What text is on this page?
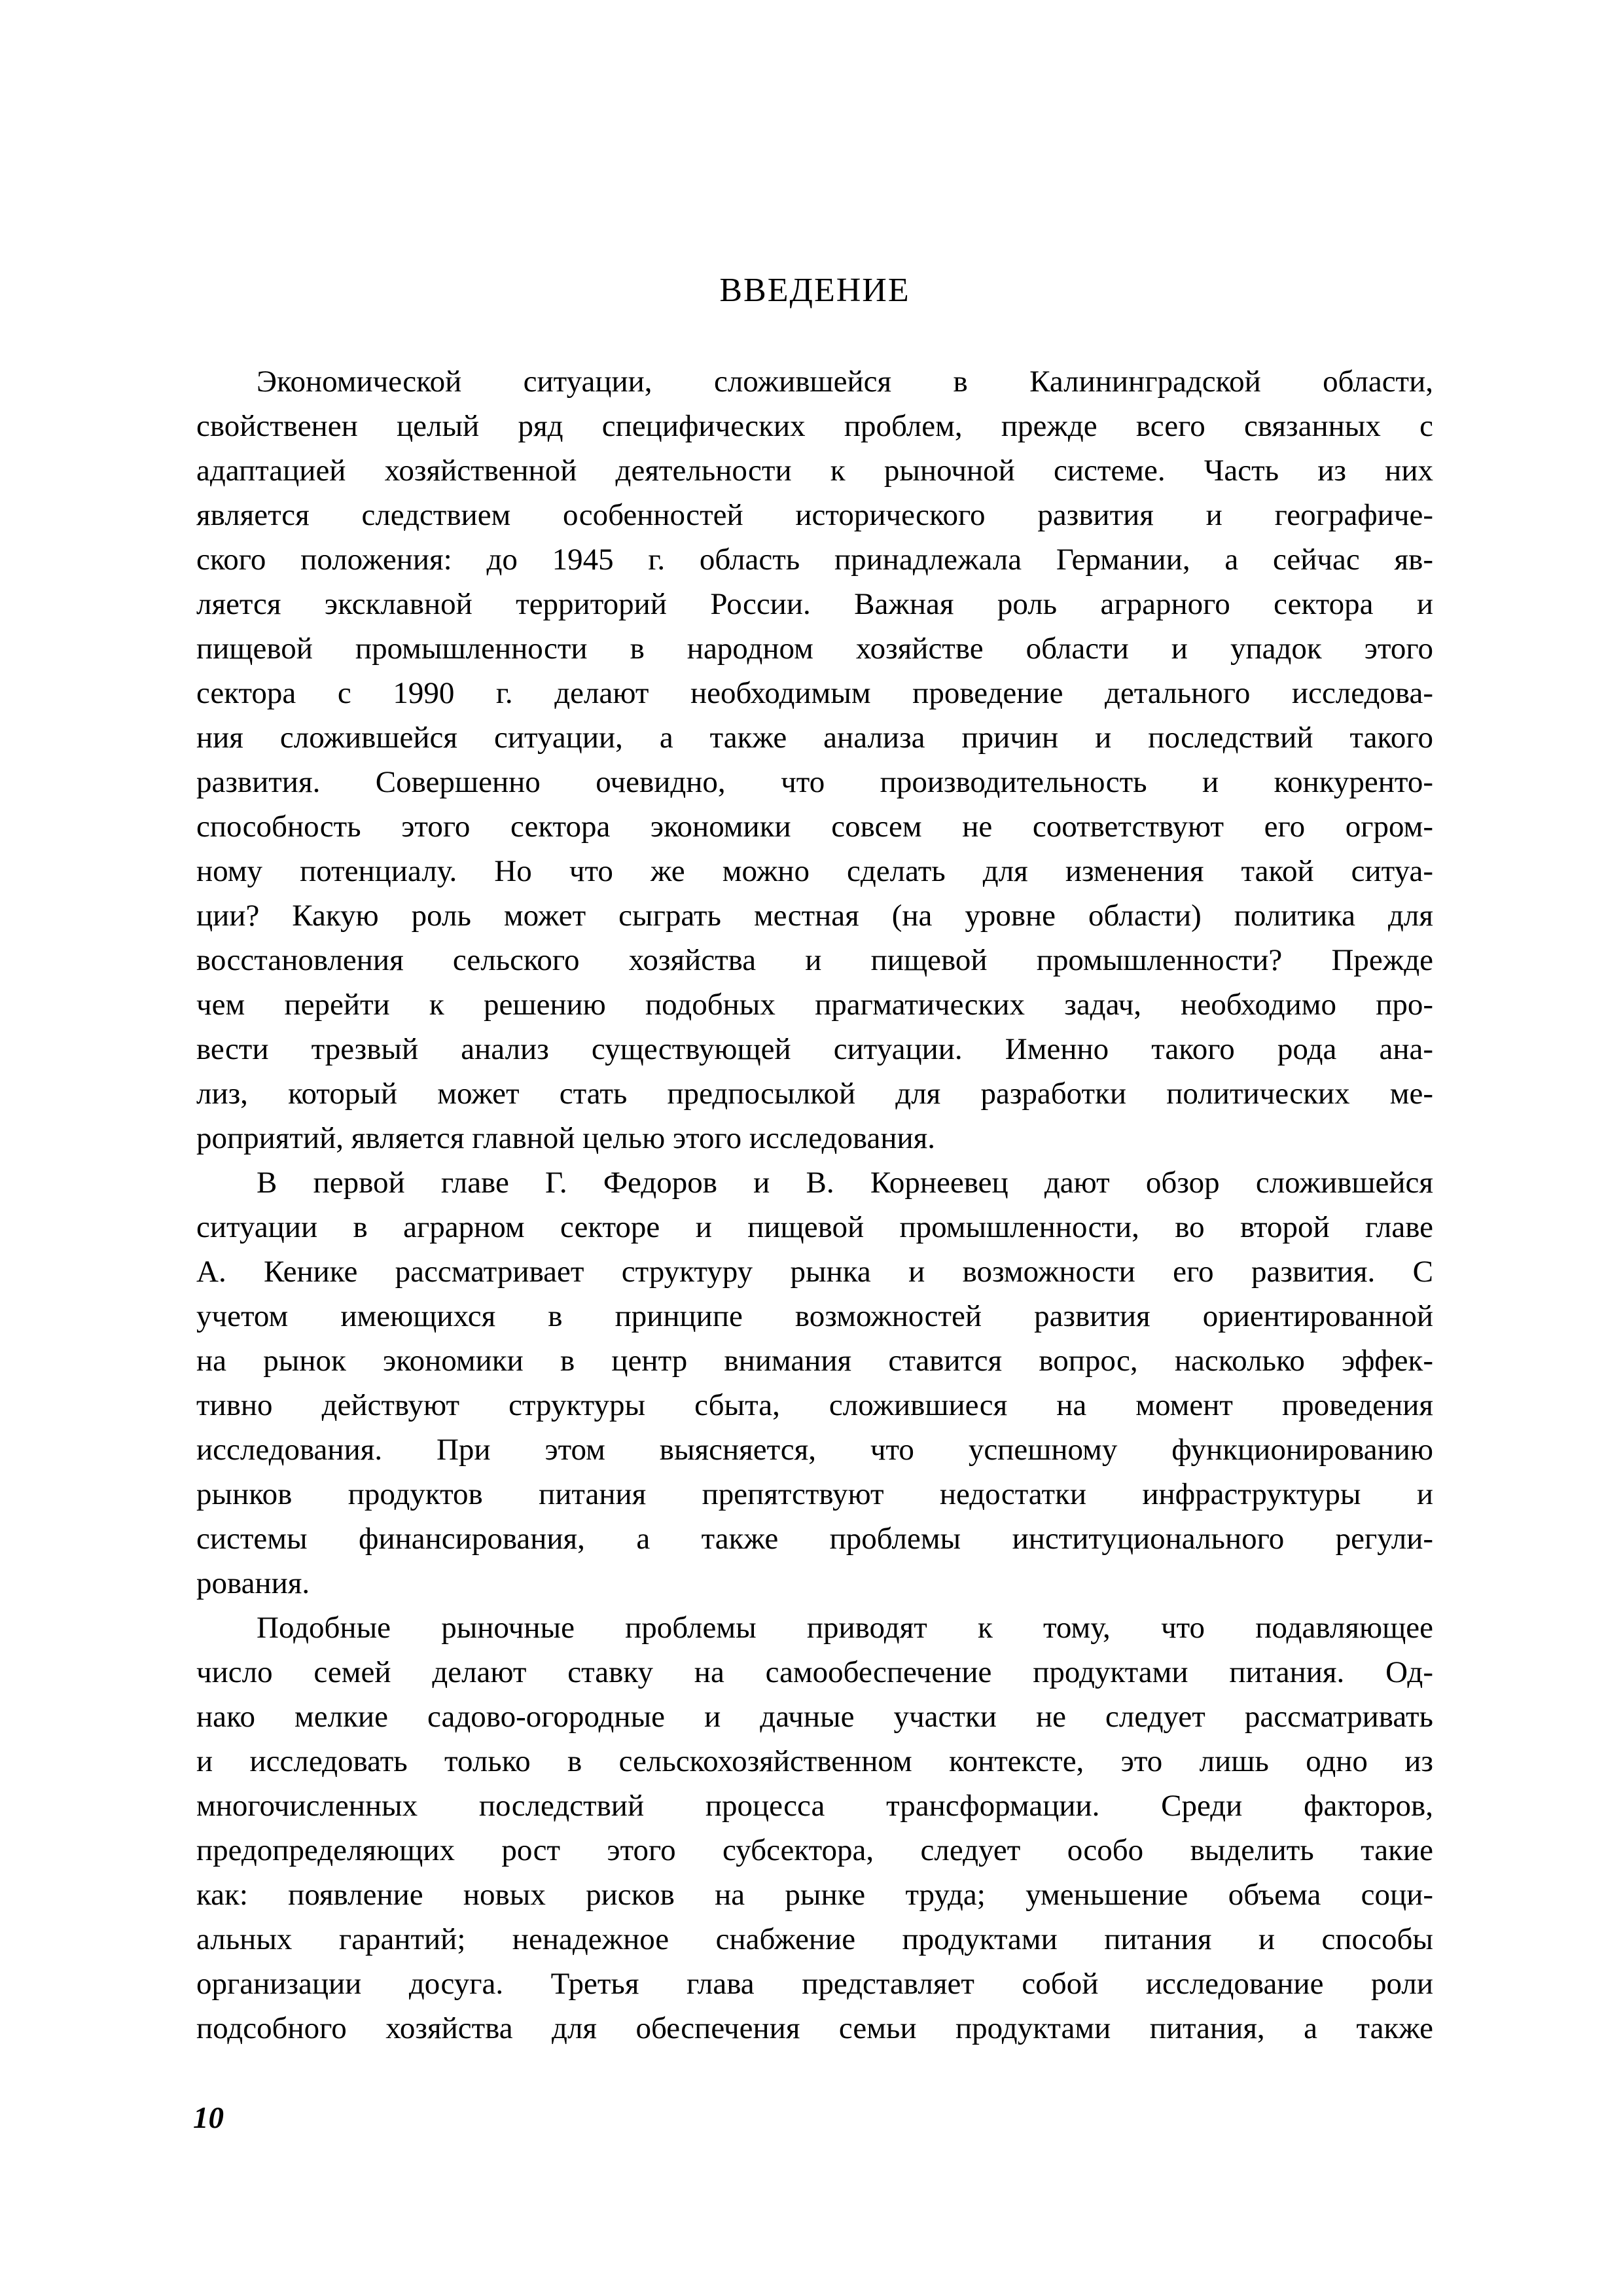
ВВЕДЕНИЕ
Экономической ситуации, сложившейся в Калининградской области,
свойственен целый ряд специфических проблем, прежде всего связанных с
адаптацией хозяйственной деятельности к рыночной системе. Часть из них
является следствием особенностей исторического развития и географиче-
ского положения: до 1945 г. область принадлежала Германии, а сейчас яв-
ляется эксклавной территорий России. Важная роль аграрного сектора и
пищевой промышленности в народном хозяйстве области и упадок этого
сектора с 1990 г. делают необходимым проведение детального исследова-
ния сложившейся ситуации, а также анализа причин и последствий такого
развития. Совершенно очевидно, что производительность и конкуренто-
способность этого сектора экономики совсем не соответствуют его огром-
ному потенциалу. Но что же можно сделать для изменения такой ситуа-
ции? Какую роль может сыграть местная (на уровне области) политика для
восстановления сельского хозяйства и пищевой промышленности? Прежде
чем перейти к решению подобных прагматических задач, необходимо про-
вести трезвый анализ существующей ситуации. Именно такого рода ана-
лиз, который может стать предпосылкой для разработки политических ме-
роприятий, является главной целью этого исследования.
В первой главе Г. Федоров и В. Корнеевец дают обзор сложившейся
ситуации в аграрном секторе и пищевой промышленности, во второй главе
А. Кенике рассматривает структуру рынка и возможности его развития. С
учетом имеющихся в принципе возможностей развития ориентированной
на рынок экономики в центр внимания ставится вопрос, насколько эффек-
тивно действуют структуры сбыта, сложившиеся на момент проведения
исследования. При этом выясняется, что успешному функционированию
рынков продуктов питания препятствуют недостатки инфраструктуры и
системы финансирования, а также проблемы институционального регули-
рования.
Подобные рыночные проблемы приводят к тому, что подавляющее
число семей делают ставку на самообеспечение продуктами питания. Од-
нако мелкие садово-огородные и дачные участки не следует рассматривать
и исследовать только в сельскохозяйственном контексте, это лишь одно из
многочисленных последствий процесса трансформации. Среди факторов,
предопределяющих рост этого субсектора, следует особо выделить такие
как: появление новых рисков на рынке труда; уменьшение объема соци-
альных гарантий; ненадежное снабжение продуктами питания и способы
организации досуга. Третья глава представляет собой исследование роли
подсобного хозяйства для обеспечения семьи продуктами питания, а также
10
